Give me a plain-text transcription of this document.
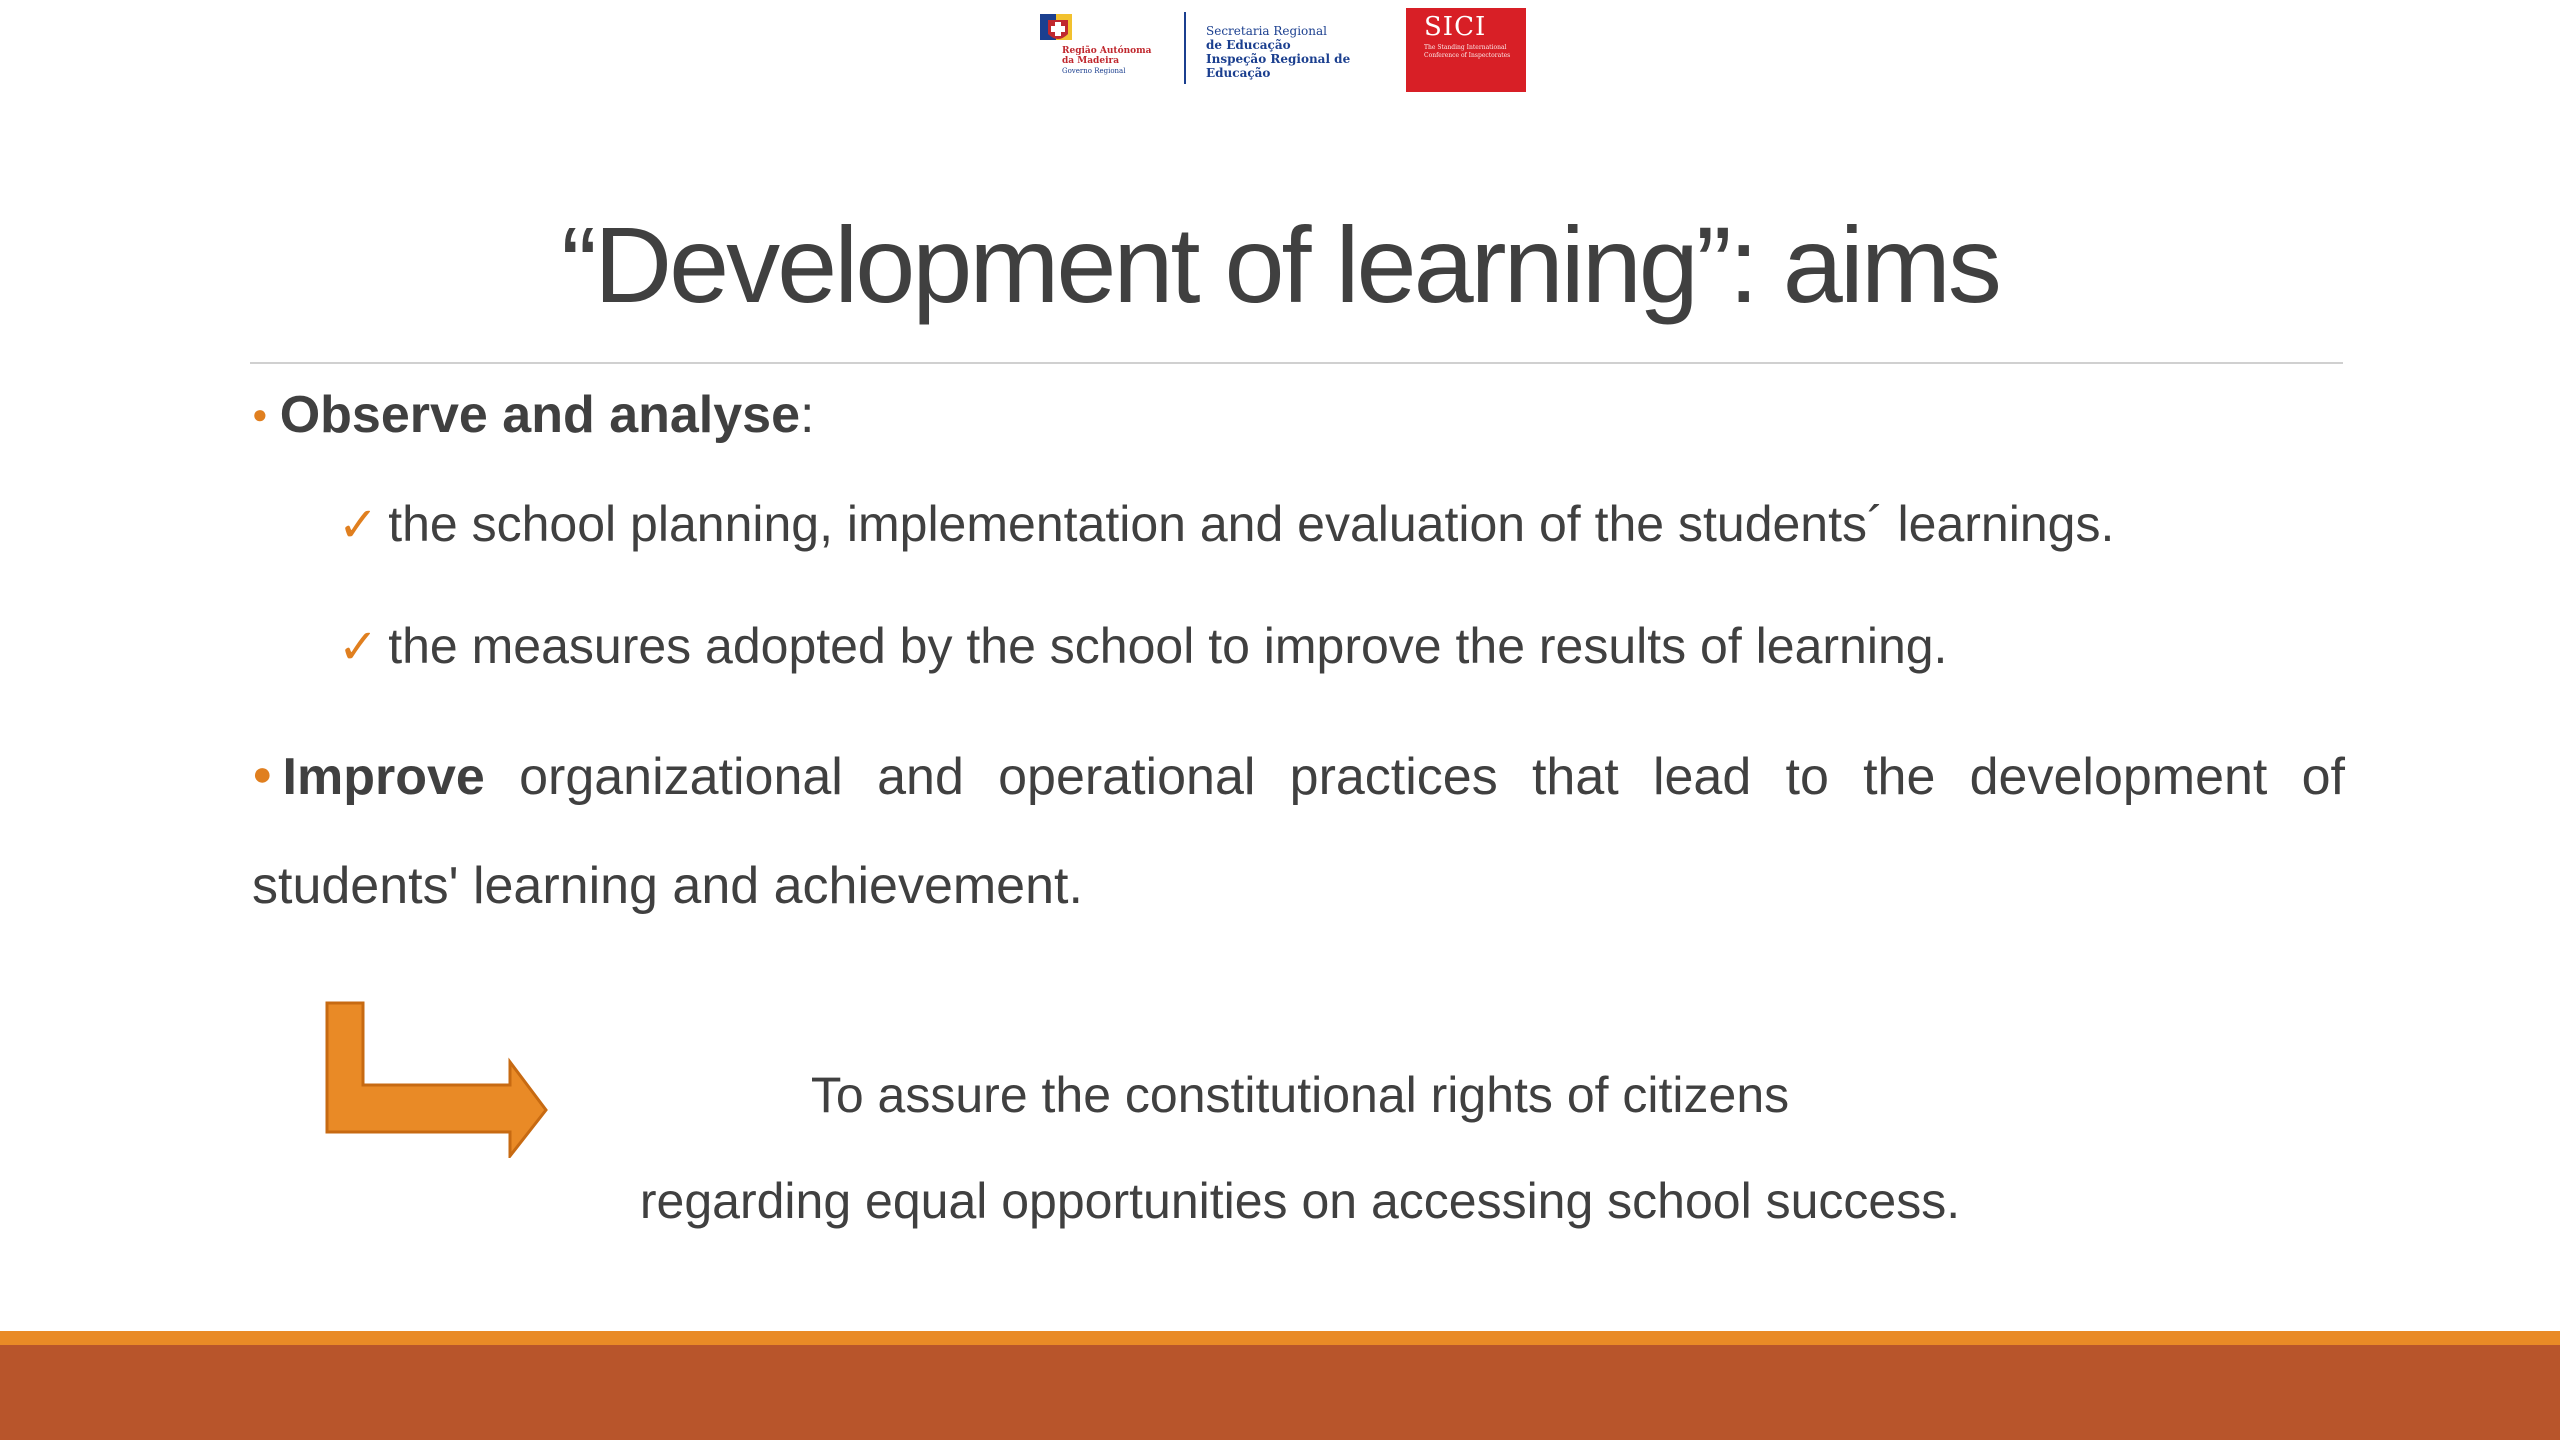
Região Autónoma
da Madeira
Governo Regional
Secretaria Regional
de Educação
Inspeção Regional de Educação
SICI
The Standing International Conference of Inspectorates
“Development of learning”: aims
● Observe and analyse:
✓ the school planning, implementation and evaluation of the students´ learnings.
✓ the measures adopted by the school to improve the results of learning.
● Improve organizational and operational practices that lead to the development of students' learning and achievement.
To assure the constitutional rights of citizens
regarding equal opportunities on accessing school success.
